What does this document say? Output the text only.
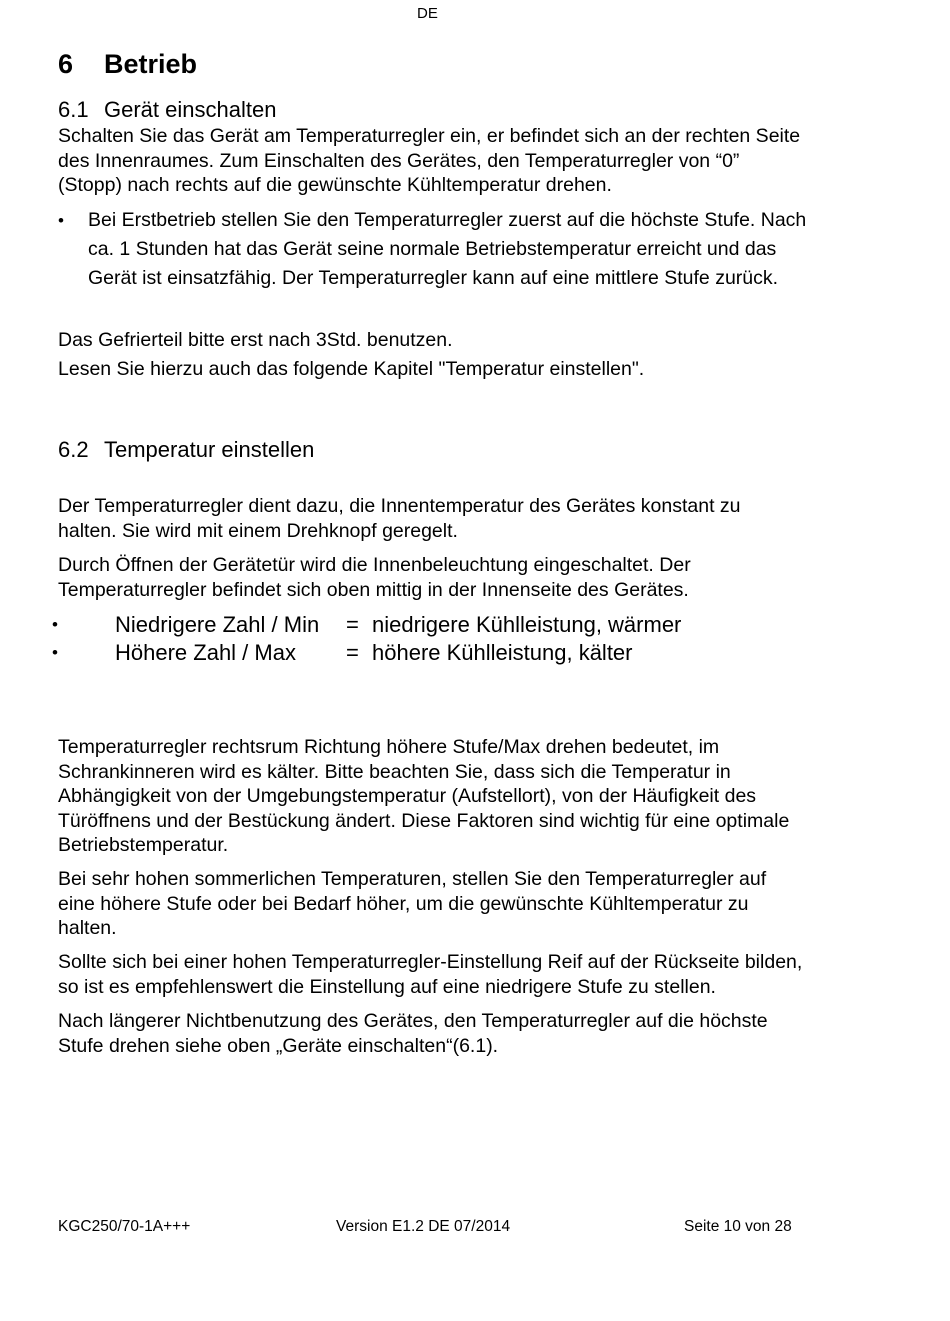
DE
6 Betrieb
6.1 Gerät einschalten
Schalten Sie das Gerät am Temperaturregler ein, er befindet sich an der rechten Seite
des Innenraumes. Zum Einschalten des Gerätes, den Temperaturregler von “0”
(Stopp) nach rechts auf die gewünschte Kühltemperatur drehen.
• Bei Erstbetrieb stellen Sie den Temperaturregler zuerst auf die höchste Stufe. Nach
ca. 1 Stunden hat das Gerät seine normale Betriebstemperatur erreicht und das
Gerät ist einsatzfähig. Der Temperaturregler kann auf eine mittlere Stufe zurück.
Das Gefrierteil bitte erst nach 3Std. benutzen.
Lesen Sie hierzu auch das folgende Kapitel "Temperatur einstellen".
6.2 Temperatur einstellen
Der Temperaturregler dient dazu, die Innentemperatur des Gerätes konstant zu
halten. Sie wird mit einem Drehknopf geregelt.
Durch Öffnen der Gerätetür wird die Innenbeleuchtung eingeschaltet. Der
Temperaturregler befindet sich oben mittig in der Innenseite des Gerätes.
•	Niedrigere Zahl / Min = niedrigere Kühlleistung, wärmer
•	Höhere Zahl / Max = höhere Kühlleistung, kälter
Temperaturregler rechtsrum Richtung höhere Stufe/Max drehen bedeutet, im
Schrankinneren wird es kälter. Bitte beachten Sie, dass sich die Temperatur in
Abhängigkeit von der Umgebungstemperatur (Aufstellort), von der Häufigkeit des
Türöffnens und der Bestückung ändert. Diese Faktoren sind wichtig für eine optimale
Betriebstemperatur.
Bei sehr hohen sommerlichen Temperaturen, stellen Sie den Temperaturregler auf
eine höhere Stufe oder bei Bedarf höher, um die gewünschte Kühltemperatur zu
halten.
Sollte sich bei einer hohen Temperaturregler-Einstellung Reif auf der Rückseite bilden,
so ist es empfehlenswert die Einstellung auf eine niedrigere Stufe zu stellen.
Nach längerer Nichtbenutzung des Gerätes, den Temperaturregler auf die höchste
Stufe drehen siehe oben „Geräte einschalten“(6.1).
KGC250/70-1A+++	Version E1.2 DE 07/2014	Seite 10 von 28
